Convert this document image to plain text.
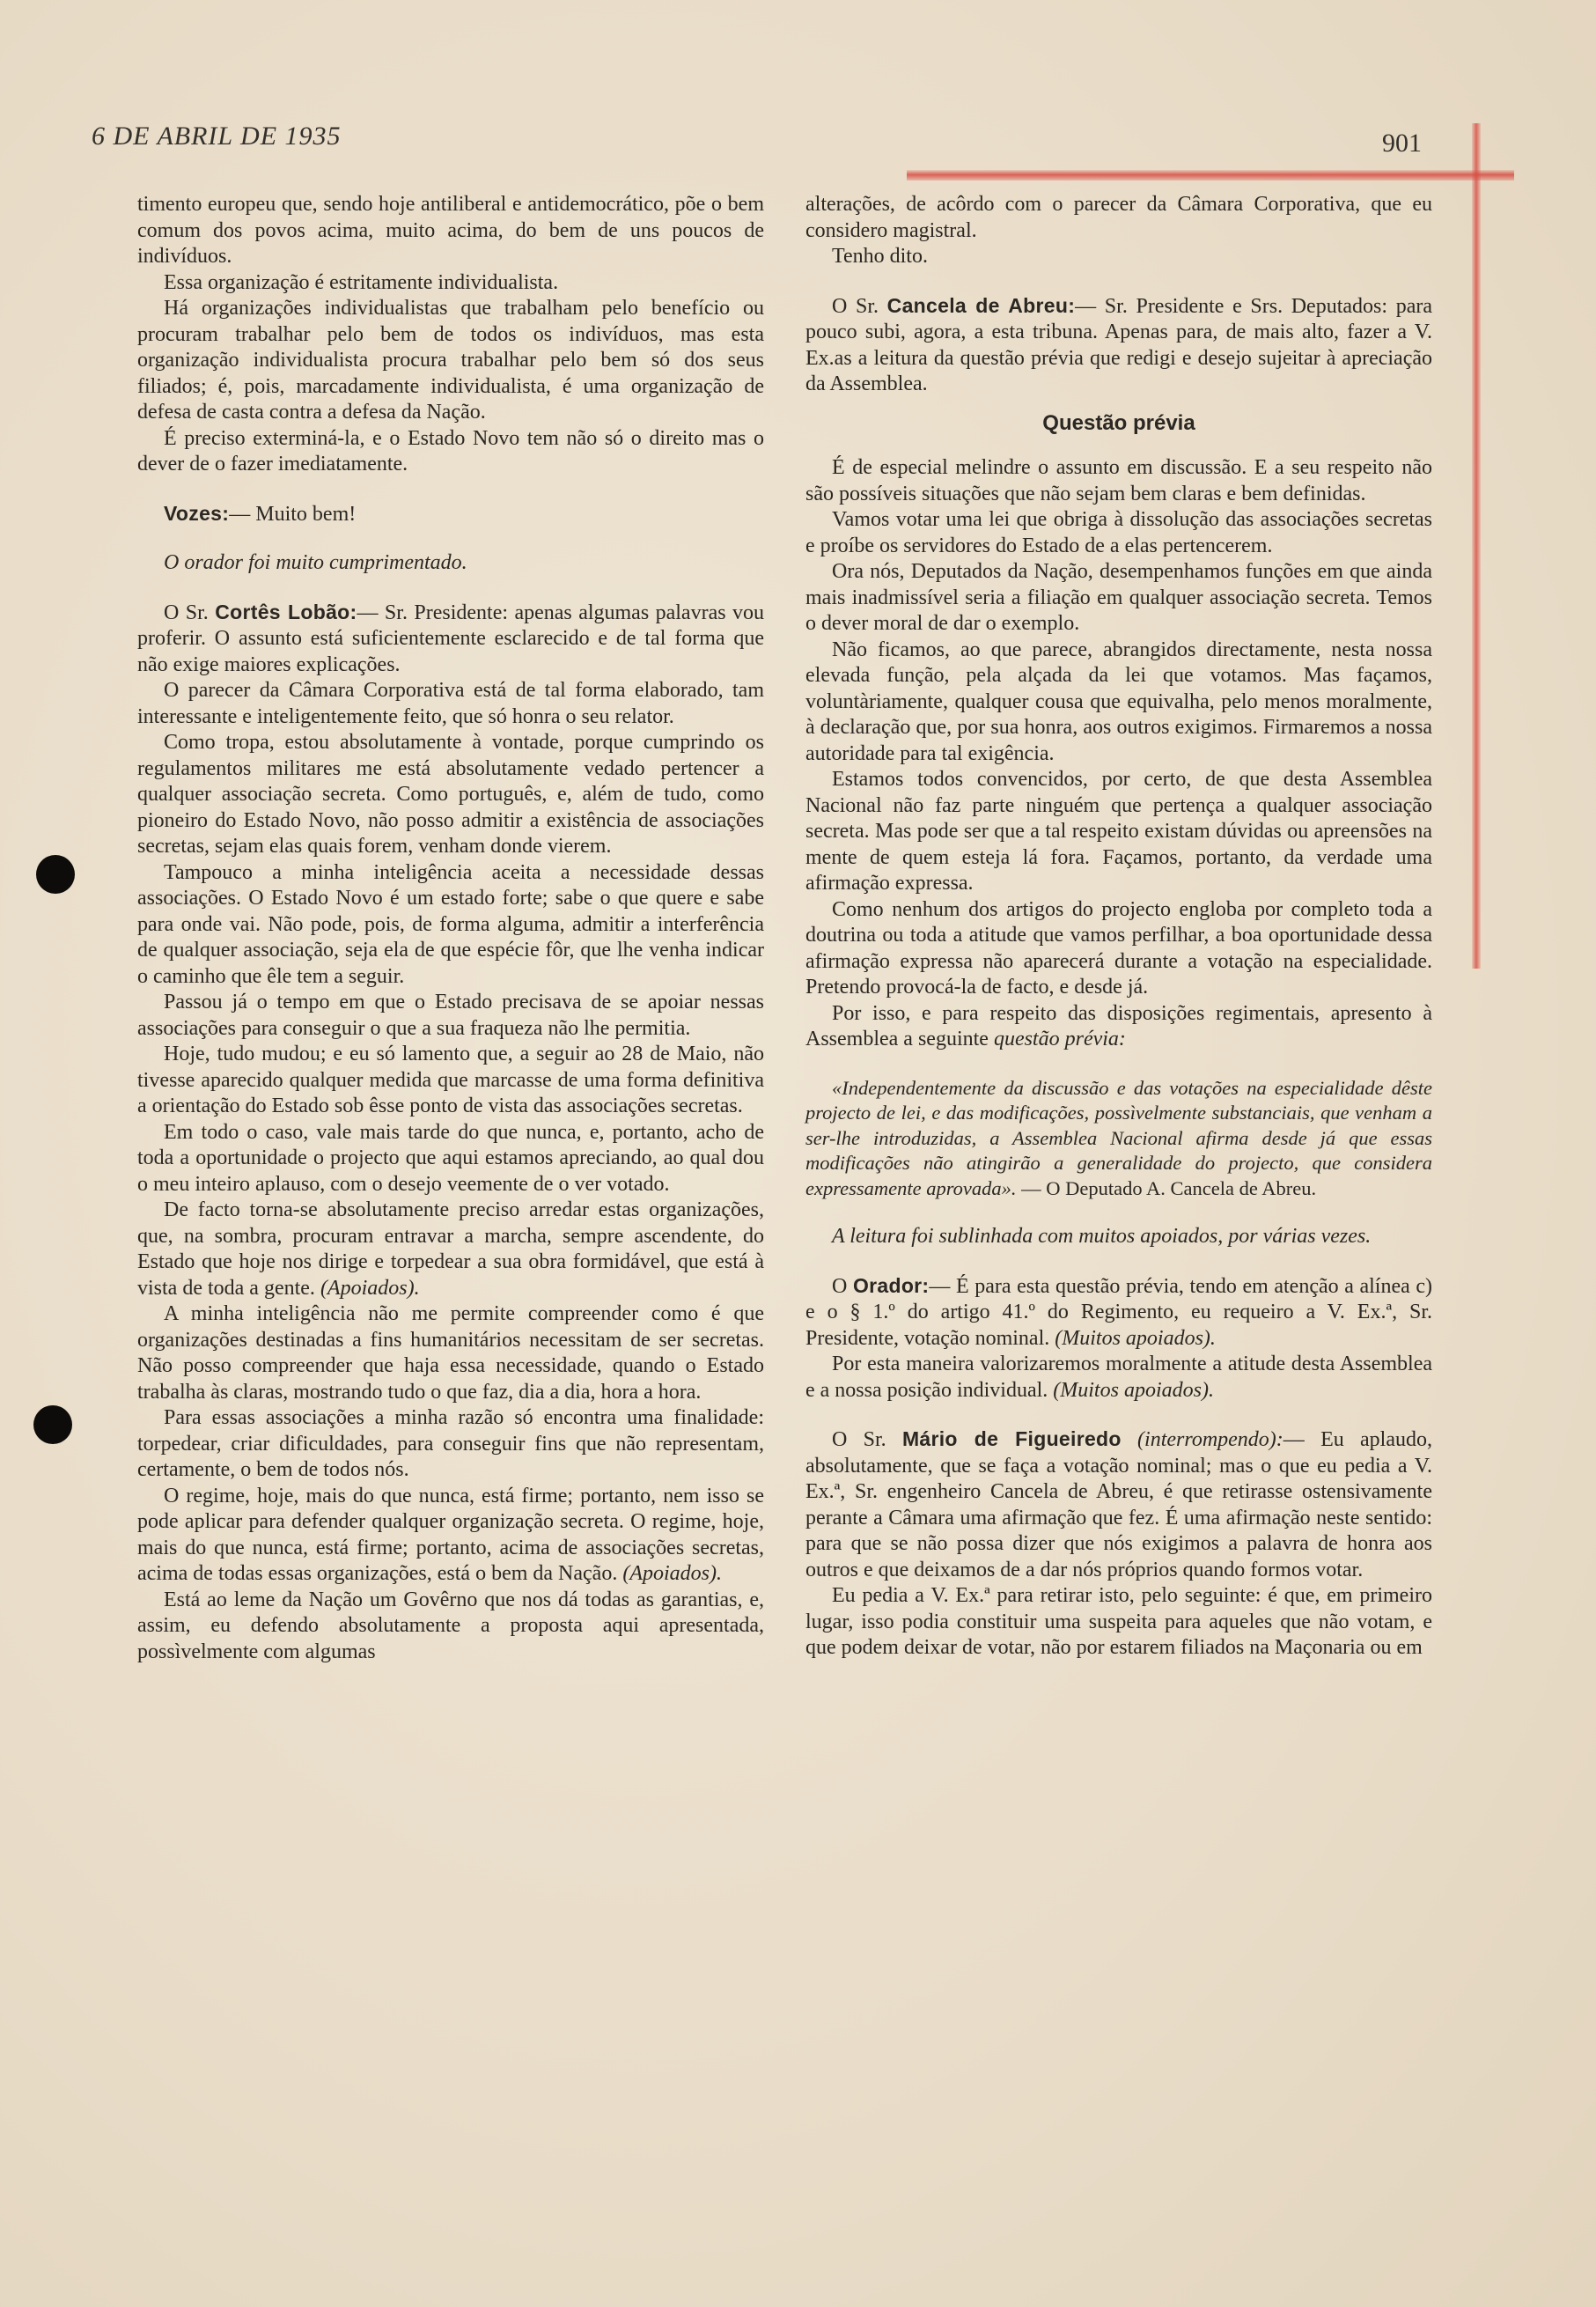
6 DE ABRIL DE 1935	901

timento europeu que, sendo hoje antiliberal e antidemocrático, põe o bem comum dos povos acima, muito acima, do bem de uns poucos de indivíduos.

Essa organização é estritamente individualista.

Há organizações individualistas que trabalham pelo benefício ou procuram trabalhar pelo bem de todos os indivíduos, mas esta organização individualista procura trabalhar pelo bem só dos seus filiados; é, pois, marcadamente individualista, é uma organização de defesa de casta contra a defesa da Nação.

É preciso exterminá-la, e o Estado Novo tem não só o direito mas o dever de o fazer imediatamente.

Vozes:— Muito bem!

O orador foi muito cumprimentado.

O Sr. Cortês Lobão:— Sr. Presidente: apenas algumas palavras vou proferir. O assunto está suficientemente esclarecido e de tal forma que não exige maiores explicações.

O parecer da Câmara Corporativa está de tal forma elaborado, tam interessante e inteligentemente feito, que só honra o seu relator.

Como tropa, estou absolutamente à vontade, porque cumprindo os regulamentos militares me está absolutamente vedado pertencer a qualquer associação secreta. Como português, e, além de tudo, como pioneiro do Estado Novo, não posso admitir a existência de associações secretas, sejam elas quais forem, venham donde vierem.

Tampouco a minha inteligência aceita a necessidade dessas associações. O Estado Novo é um estado forte; sabe o que quere e sabe para onde vai. Não pode, pois, de forma alguma, admitir a interferência de qualquer associação, seja ela de que espécie fôr, que lhe venha indicar o caminho que êle tem a seguir.

Passou já o tempo em que o Estado precisava de se apoiar nessas associações para conseguir o que a sua fraqueza não lhe permitia.

Hoje, tudo mudou; e eu só lamento que, a seguir ao 28 de Maio, não tivesse aparecido qualquer medida que marcasse de uma forma definitiva a orientação do Estado sob êsse ponto de vista das associações secretas.

Em todo o caso, vale mais tarde do que nunca, e, portanto, acho de toda a oportunidade o projecto que aqui estamos apreciando, ao qual dou o meu inteiro aplauso, com o desejo veemente de o ver votado.

De facto torna-se absolutamente preciso arredar estas organizações, que, na sombra, procuram entravar a marcha, sempre ascendente, do Estado que hoje nos dirige e torpedear a sua obra formidável, que está à vista de toda a gente. (Apoiados).

A minha inteligência não me permite compreender como é que organizações destinadas a fins humanitários necessitam de ser secretas. Não posso compreender que haja essa necessidade, quando o Estado trabalha às claras, mostrando tudo o que faz, dia a dia, hora a hora.

Para essas associações a minha razão só encontra uma finalidade: torpedear, criar dificuldades, para conseguir fins que não representam, certamente, o bem de todos nós.

O regime, hoje, mais do que nunca, está firme; portanto, nem isso se pode aplicar para defender qualquer organização secreta. O regime, hoje, mais do que nunca, está firme; portanto, acima de associações secretas, acima de todas essas organizações, está o bem da Nação. (Apoiados).

Está ao leme da Nação um Govêrno que nos dá todas as garantias, e, assim, eu defendo absolutamente a proposta aqui apresentada, possìvelmente com algumas

alterações, de acôrdo com o parecer da Câmara Corporativa, que eu considero magistral.

Tenho dito.

O Sr. Cancela de Abreu:— Sr. Presidente e Srs. Deputados: para pouco subi, agora, a esta tribuna. Apenas para, de mais alto, fazer a V. Ex.as a leitura da questão prévia que redigi e desejo sujeitar à apreciação da Assemblea.

Questão prévia

É de especial melindre o assunto em discussão. E a seu respeito não são possíveis situações que não sejam bem claras e bem definidas.

Vamos votar uma lei que obriga à dissolução das associações secretas e proíbe os servidores do Estado de a elas pertencerem.

Ora nós, Deputados da Nação, desempenhamos funções em que ainda mais inadmissível seria a filiação em qualquer associação secreta. Temos o dever moral de dar o exemplo.

Não ficamos, ao que parece, abrangidos directamente, nesta nossa elevada função, pela alçada da lei que votamos. Mas façamos, voluntàriamente, qualquer cousa que equivalha, pelo menos moralmente, à declaração que, por sua honra, aos outros exigimos. Firmaremos a nossa autoridade para tal exigência.

Estamos todos convencidos, por certo, de que desta Assemblea Nacional não faz parte ninguém que pertença a qualquer associação secreta. Mas pode ser que a tal respeito existam dúvidas ou apreensões na mente de quem esteja lá fora. Façamos, portanto, da verdade uma afirmação expressa.

Como nenhum dos artigos do projecto engloba por completo toda a doutrina ou toda a atitude que vamos perfilhar, a boa oportunidade dessa afirmação expressa não aparecerá durante a votação na especialidade. Pretendo provocá-la de facto, e desde já.

Por isso, e para respeito das disposições regimentais, apresento à Assemblea a seguinte questão prévia:

«Independentemente da discussão e das votações na especialidade dêste projecto de lei, e das modificações, possìvelmente substanciais, que venham a ser-lhe introduzidas, a Assemblea Nacional afirma desde já que essas modificações não atingirão a generalidade do projecto, que considera expressamente aprovada». — O Deputado A. Cancela de Abreu.

A leitura foi sublinhada com muitos apoiados, por várias vezes.

O Orador:— É para esta questão prévia, tendo em atenção a alínea c) e o § 1.º do artigo 41.º do Regimento, eu requeiro a V. Ex.ª, Sr. Presidente, votação nominal. (Muitos apoiados).

Por esta maneira valorizaremos moralmente a atitude desta Assemblea e a nossa posição individual. (Muitos apoiados).

O Sr. Mário de Figueiredo (interrompendo):— Eu aplaudo, absolutamente, que se faça a votação nominal; mas o que eu pedia a V. Ex.ª, Sr. engenheiro Cancela de Abreu, é que retirasse ostensivamente perante a Câmara uma afirmação que fez. É uma afirmação neste sentido: para que se não possa dizer que nós exigimos a palavra de honra aos outros e que deixamos de a dar nós próprios quando formos votar.

Eu pedia a V. Ex.ª para retirar isto, pelo seguinte: é que, em primeiro lugar, isso podia constituir uma suspeita para aqueles que não votam, e que podem deixar de votar, não por estarem filiados na Maçonaria ou em
